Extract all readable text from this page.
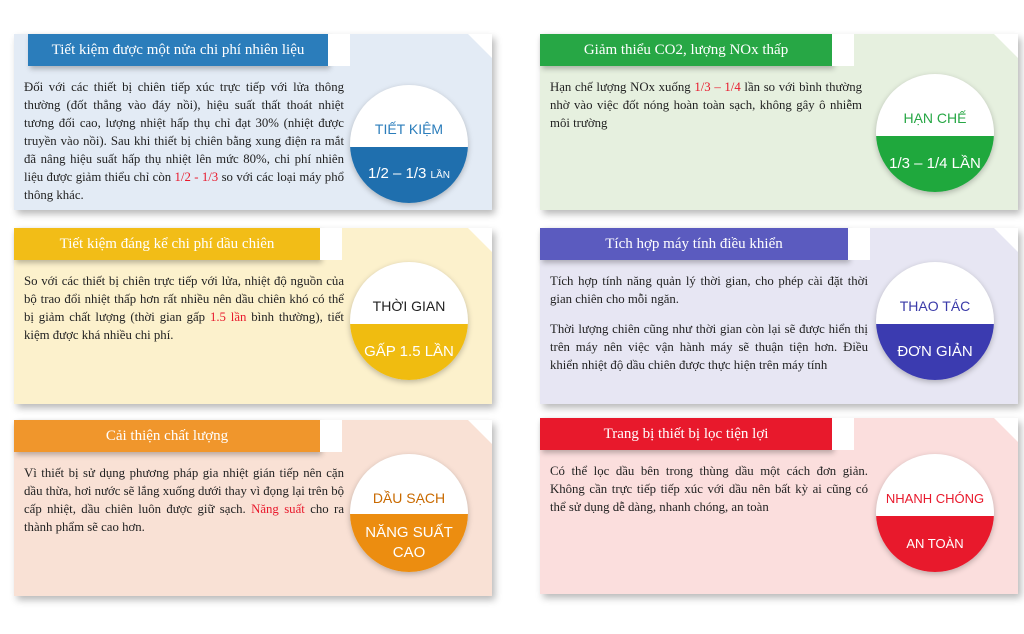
Tiết kiệm được một nửa chi phí nhiên liệu
Đối với các thiết bị chiên tiếp xúc trực tiếp với lửa thông thường (đốt thẳng vào đáy nồi), hiệu suất thất thoát nhiệt tương đối cao, lượng nhiệt hấp thụ chỉ đạt 30% (nhiệt được truyền vào nồi). Sau khi thiết bị chiên bằng xung điện ra mắt đã nâng hiệu suất hấp thụ nhiệt lên mức 80%, chi phí nhiên liệu được giảm thiểu chỉ còn 1/2 - 1/3 so với các loại máy phổ thông khác.
TIẾT KIỆM
1/2 – 1/3 LẦN
Giảm thiểu CO2, lượng NOx thấp
Hạn chế lượng NOx xuống 1/3 – 1/4 lần so với bình thường nhờ vào việc đốt nóng hoàn toàn sạch, không gây ô nhiễm môi trường	HẠN CHẾ
1/3 – 1/4 LẦN
Tiết kiệm đáng kể chi phí dầu chiên
So với các thiết bị chiên trực tiếp với lửa, nhiệt độ nguồn của bộ trao đổi nhiệt thấp hơn rất nhiều nên dầu chiên khó có thể bị giảm chất lượng (thời gian gấp 1.5 lần bình thường), tiết kiệm được khá nhiều chi phí.
THỜI GIAN
GẤP 1.5 LẦN
Tích hợp máy tính điều khiển

Tích hợp tính năng quản lý thời gian, cho phép cài đặt thời gian chiên cho mỗi ngăn.

Thời lượng chiên cũng như thời gian còn lại sẽ được hiển thị trên máy nên việc vận hành máy sẽ thuận tiện hơn. Điều khiển nhiệt độ dầu chiên được thực hiện trên máy tính

THAO TÁC
ĐƠN GIẢN
Cải thiện chất lượng
Vì thiết bị sử dụng phương pháp gia nhiệt gián tiếp nên cặn dầu thừa, hơi nước sẽ lắng xuống dưới thay vì đọng lại trên bộ cấp nhiệt, dầu chiên luôn được giữ sạch. Năng suất cho ra thành phẩm sẽ cao hơn.
DẦU SẠCH
NĂNG SUẤT CAO
Trang bị thiết bị lọc tiện lợi
Có thể lọc dầu bên trong thùng dầu một cách đơn giản. Không cần trực tiếp tiếp xúc với dầu nên bất kỳ ai cũng có thể sử dụng dễ dàng, nhanh chóng, an toàn
NHANH CHÓNG
AN TOÀN
